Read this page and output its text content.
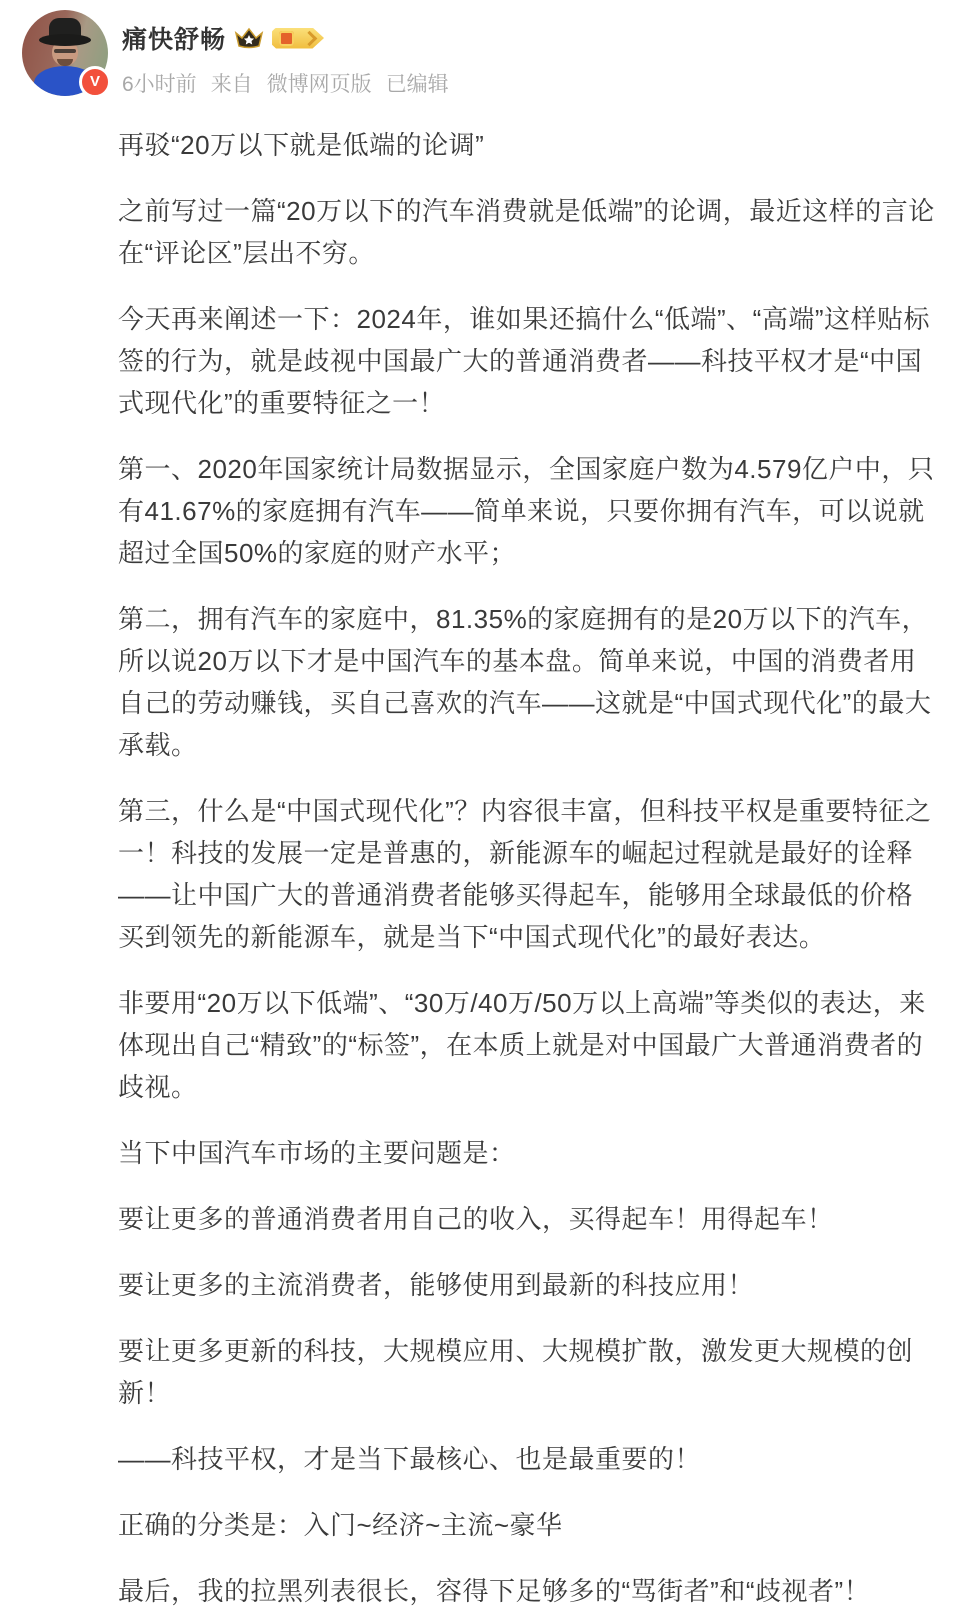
V
痛快舒畅
6小时前 来自 微博网页版 已编辑

再驳“20万以下就是低端的论调”

之前写过一篇“20万以下的汽车消费就是低端”的论调，最近这样的言论在“评论区”层出不穷。

今天再来阐述一下：2024年，谁如果还搞什么“低端”、“高端”这样贴标签的行为，就是歧视中国最广大的普通消费者——科技平权才是“中国式现代化”的重要特征之一！

第一、2020年国家统计局数据显示，全国家庭户数为4.579亿户中，只有41.67%的家庭拥有汽车——简单来说，只要你拥有汽车，可以说就超过全国50%的家庭的财产水平；

第二，拥有汽车的家庭中，81.35%的家庭拥有的是20万以下的汽车，所以说20万以下才是中国汽车的基本盘。简单来说，中国的消费者用自己的劳动赚钱，买自己喜欢的汽车——这就是“中国式现代化”的最大承载。

第三，什么是“中国式现代化”？内容很丰富，但科技平权是重要特征之一！科技的发展一定是普惠的，新能源车的崛起过程就是最好的诠释——让中国广大的普通消费者能够买得起车，能够用全球最低的价格买到领先的新能源车，就是当下“中国式现代化”的最好表达。

非要用“20万以下低端”、“30万/40万/50万以上高端”等类似的表达，来体现出自己“精致”的“标签”，在本质上就是对中国最广大普通消费者的歧视。

当下中国汽车市场的主要问题是：

要让更多的普通消费者用自己的收入，买得起车！用得起车！

要让更多的主流消费者，能够使用到最新的科技应用！

要让更多更新的科技，大规模应用、大规模扩散，激发更大规模的创新！

——科技平权，才是当下最核心、也是最重要的！

正确的分类是：入门~经济~主流~豪华

最后，我的拉黑列表很长，容得下足够多的“骂街者”和“歧视者”！
